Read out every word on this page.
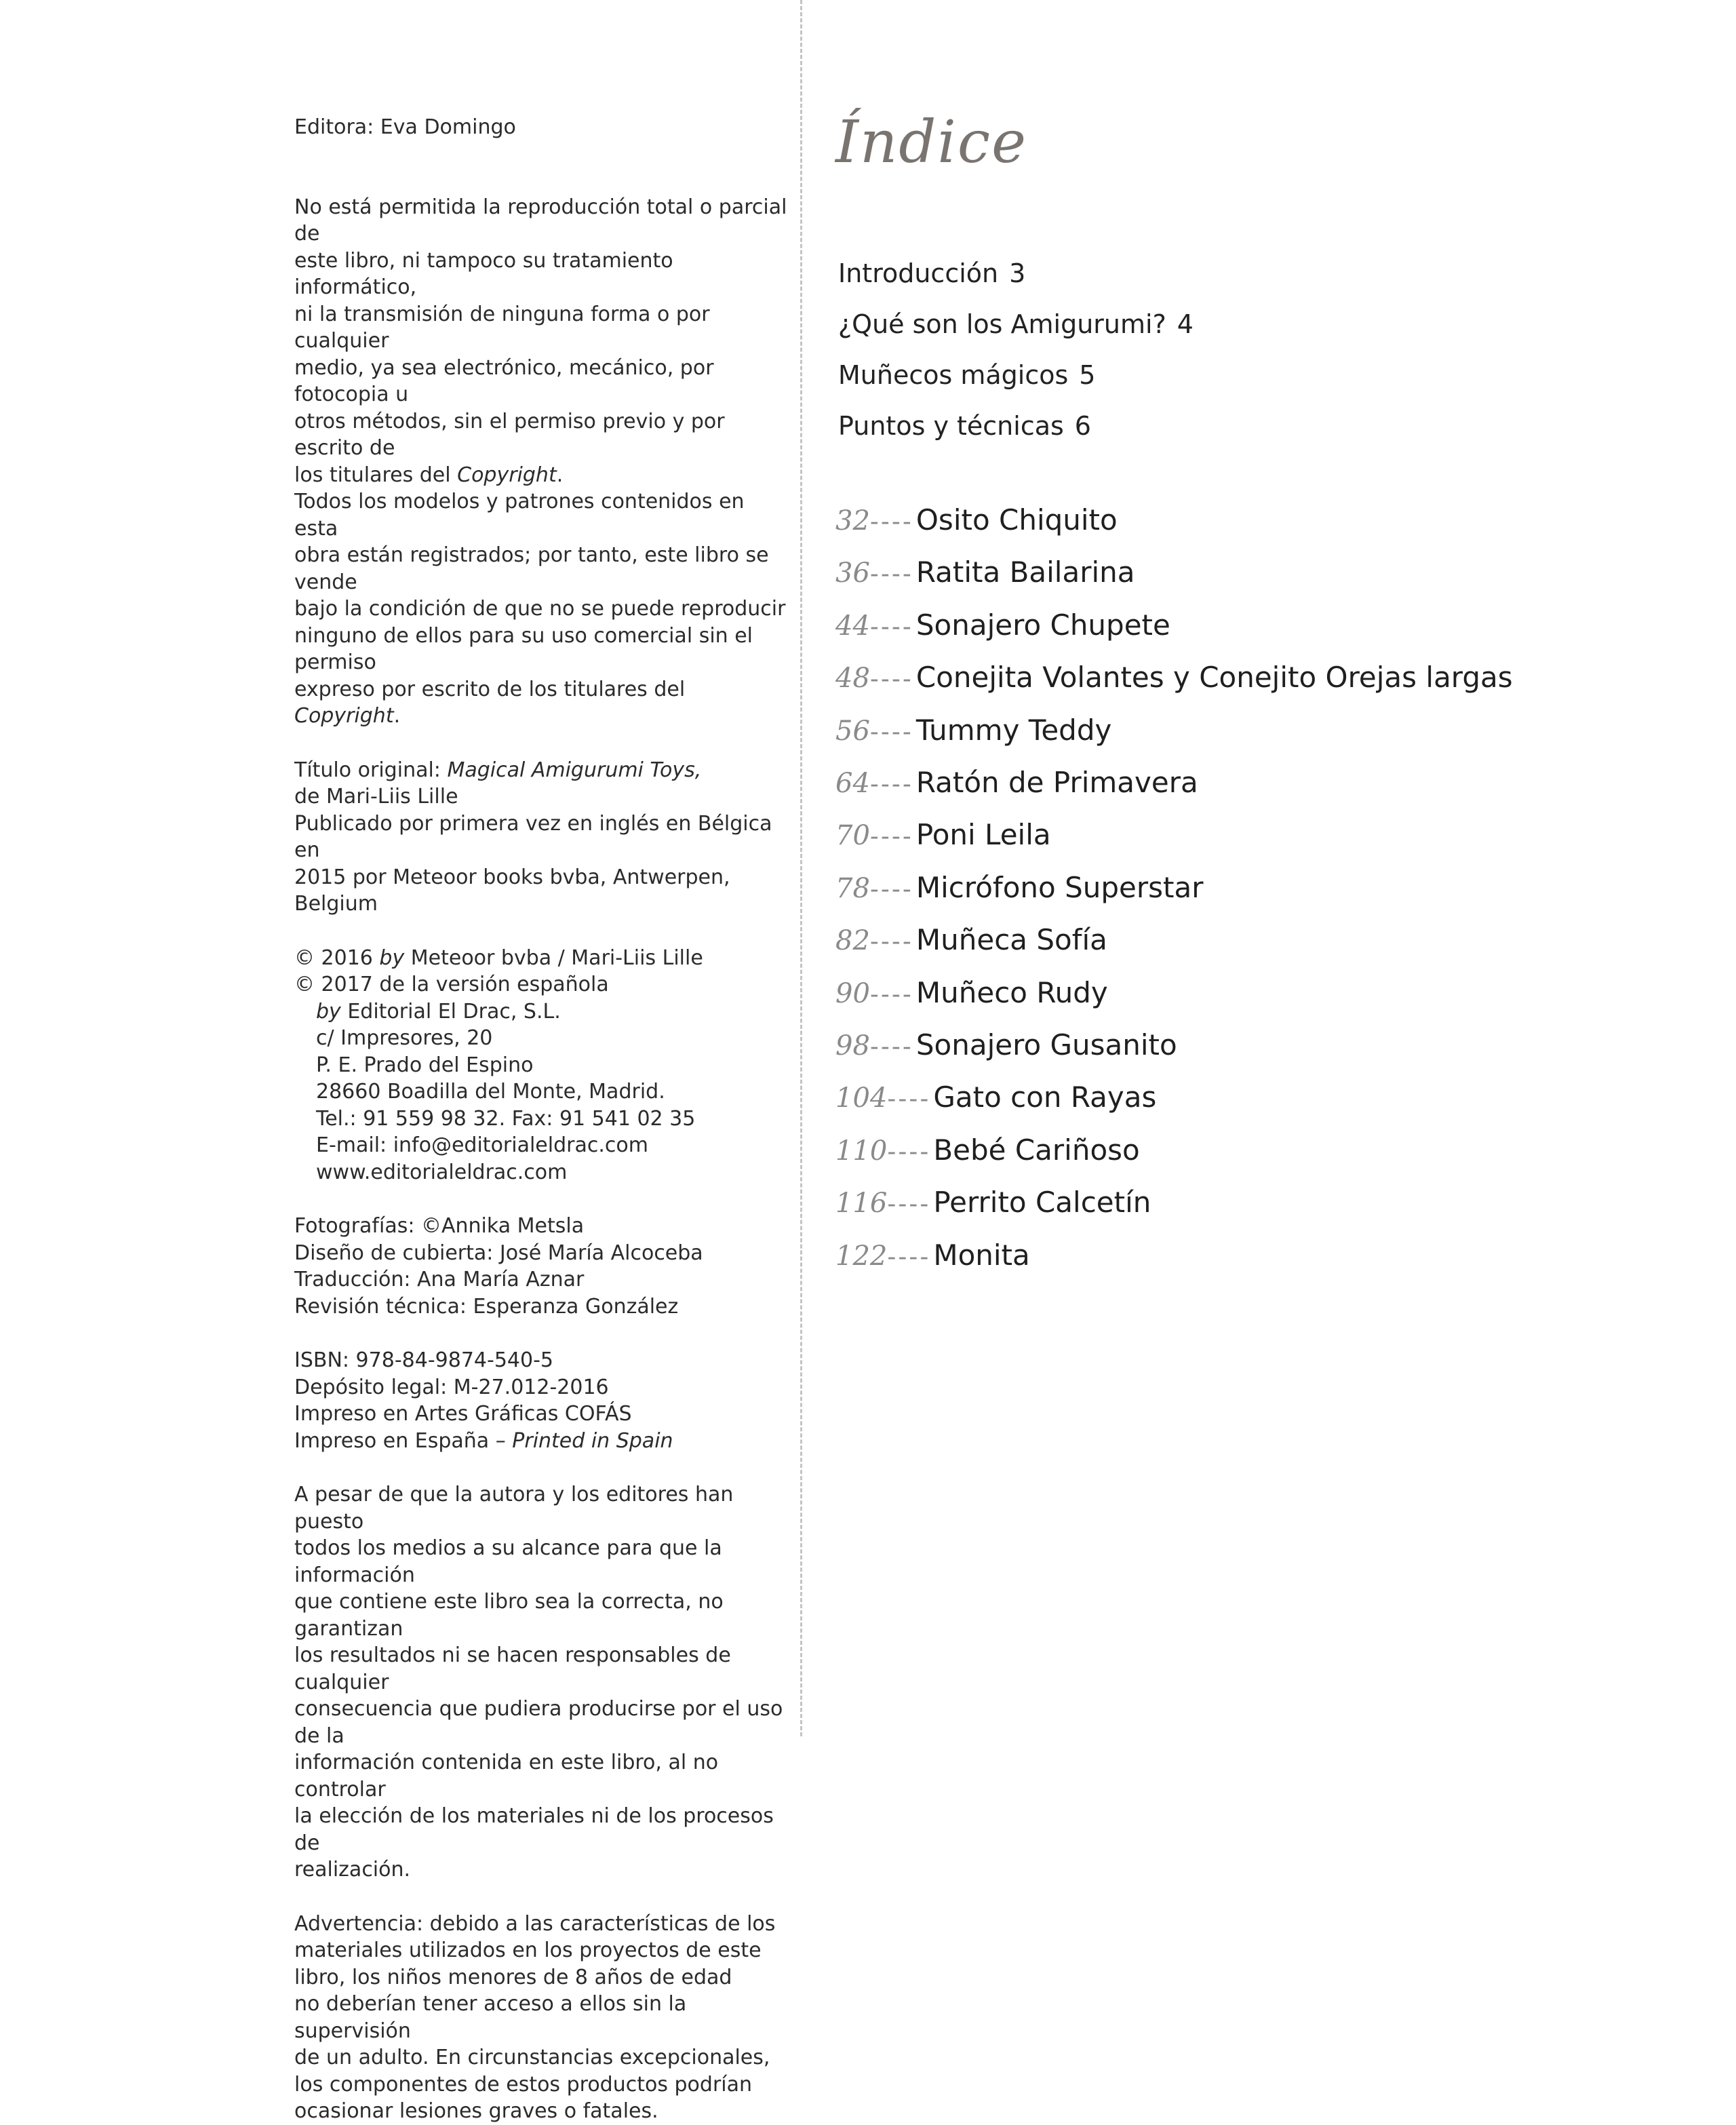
Editora: Eva Domingo

No está permitida la reproducción total o parcial de

este libro, ni tampoco su tratamiento informático,

ni la transmisión de ninguna forma o por cualquier

medio, ya sea electrónico, mecánico, por fotocopia u

otros métodos, sin el permiso previo y por escrito de

los titulares del Copyright.

Todos los modelos y patrones contenidos en esta

obra están registrados; por tanto, este libro se vende

bajo la condición de que no se puede reproducir

ninguno de ellos para su uso comercial sin el permiso

expreso por escrito de los titulares del Copyright.

Título original: Magical Amigurumi Toys,

de Mari-Liis Lille

Publicado por primera vez en inglés en Bélgica en

2015 por Meteoor books bvba, Antwerpen, Belgium

© 2016 by Meteoor bvba / Mari-Liis Lille

© 2017 de la versión española

by Editorial El Drac, S.L.

c/ Impresores, 20

P. E. Prado del Espino

28660 Boadilla del Monte, Madrid.

Tel.: 91 559 98 32. Fax: 91 541 02 35

E-mail: info@editorialeldrac.com

www.editorialeldrac.com

Fotografías: ©Annika Metsla

Diseño de cubierta: José María Alcoceba

Traducción: Ana María Aznar

Revisión técnica: Esperanza González

ISBN: 978-84-9874-540-5

Depósito legal: M-27.012-2016

Impreso en Artes Gráficas COFÁS

Impreso en España – Printed in Spain

A pesar de que la autora y los editores han puesto

todos los medios a su alcance para que la información

que contiene este libro sea la correcta, no garantizan

los resultados ni se hacen responsables de cualquier

consecuencia que pudiera producirse por el uso de la

información contenida en este libro, al no controlar

la elección de los materiales ni de los procesos de

realización.

Advertencia: debido a las características de los

materiales utilizados en los proyectos de este

libro, los niños menores de 8 años de edad

no deberían tener acceso a ellos sin la supervisión

de un adulto. En circunstancias excepcionales,

los componentes de estos productos podrían

ocasionar lesiones graves o fatales.

Índice
Introducción 3
¿Qué son los Amigurumi? 4
Muñecos mágicos 5
Puntos y técnicas 6
32----Osito Chiquito
36----Ratita Bailarina
44----Sonajero Chupete
48----Conejita Volantes y Conejito Orejas largas
56----Tummy Teddy
64----Ratón de Primavera
70----Poni Leila
78----Micrófono Superstar
82----Muñeca Sofía
90----Muñeco Rudy
98----Sonajero Gusanito
104----Gato con Rayas
110----Bebé Cariñoso
116----Perrito Calcetín
122----Monita
